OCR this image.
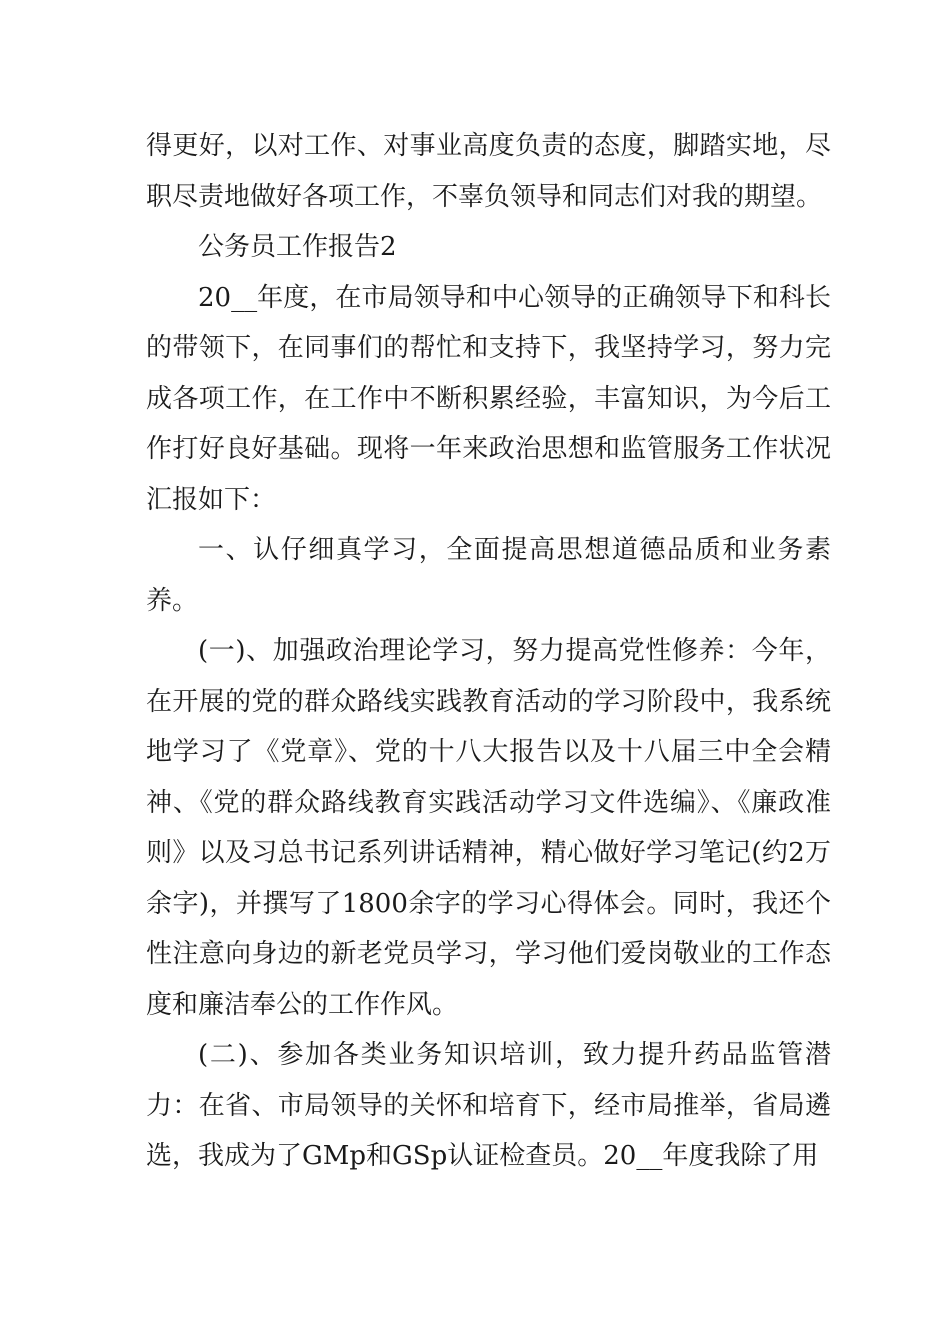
得更好，以对工作、对事业高度负责的态度，脚踏实地，尽职尽责地做好各项工作，不辜负领导和同志们对我的期望。

公务员工作报告2

20__年度，在市局领导和中心领导的正确领导下和科长的带领下，在同事们的帮忙和支持下，我坚持学习，努力完成各项工作，在工作中不断积累经验，丰富知识，为今后工作打好良好基础。现将一年来政治思想和监管服务工作状况汇报如下：

一、认仔细真学习，全面提高思想道德品质和业务素养。

(一)、加强政治理论学习，努力提高党性修养：今年，在开展的党的群众路线实践教育活动的学习阶段中，我系统地学习了《党章》、党的十八大报告以及十八届三中全会精神、《党的群众路线教育实践活动学习文件选编》、《廉政准则》以及习总书记系列讲话精神，精心做好学习笔记(约2万余字)，并撰写了1800余字的学习心得体会。同时，我还个性注意向身边的新老党员学习，学习他们爱岗敬业的工作态度和廉洁奉公的工作作风。

(二)、参加各类业务知识培训，致力提升药品监管潜力：在省、市局领导的关怀和培育下，经市局推举，省局遴选，我成为了GMp和GSp认证检查员。20__年度我除了用
